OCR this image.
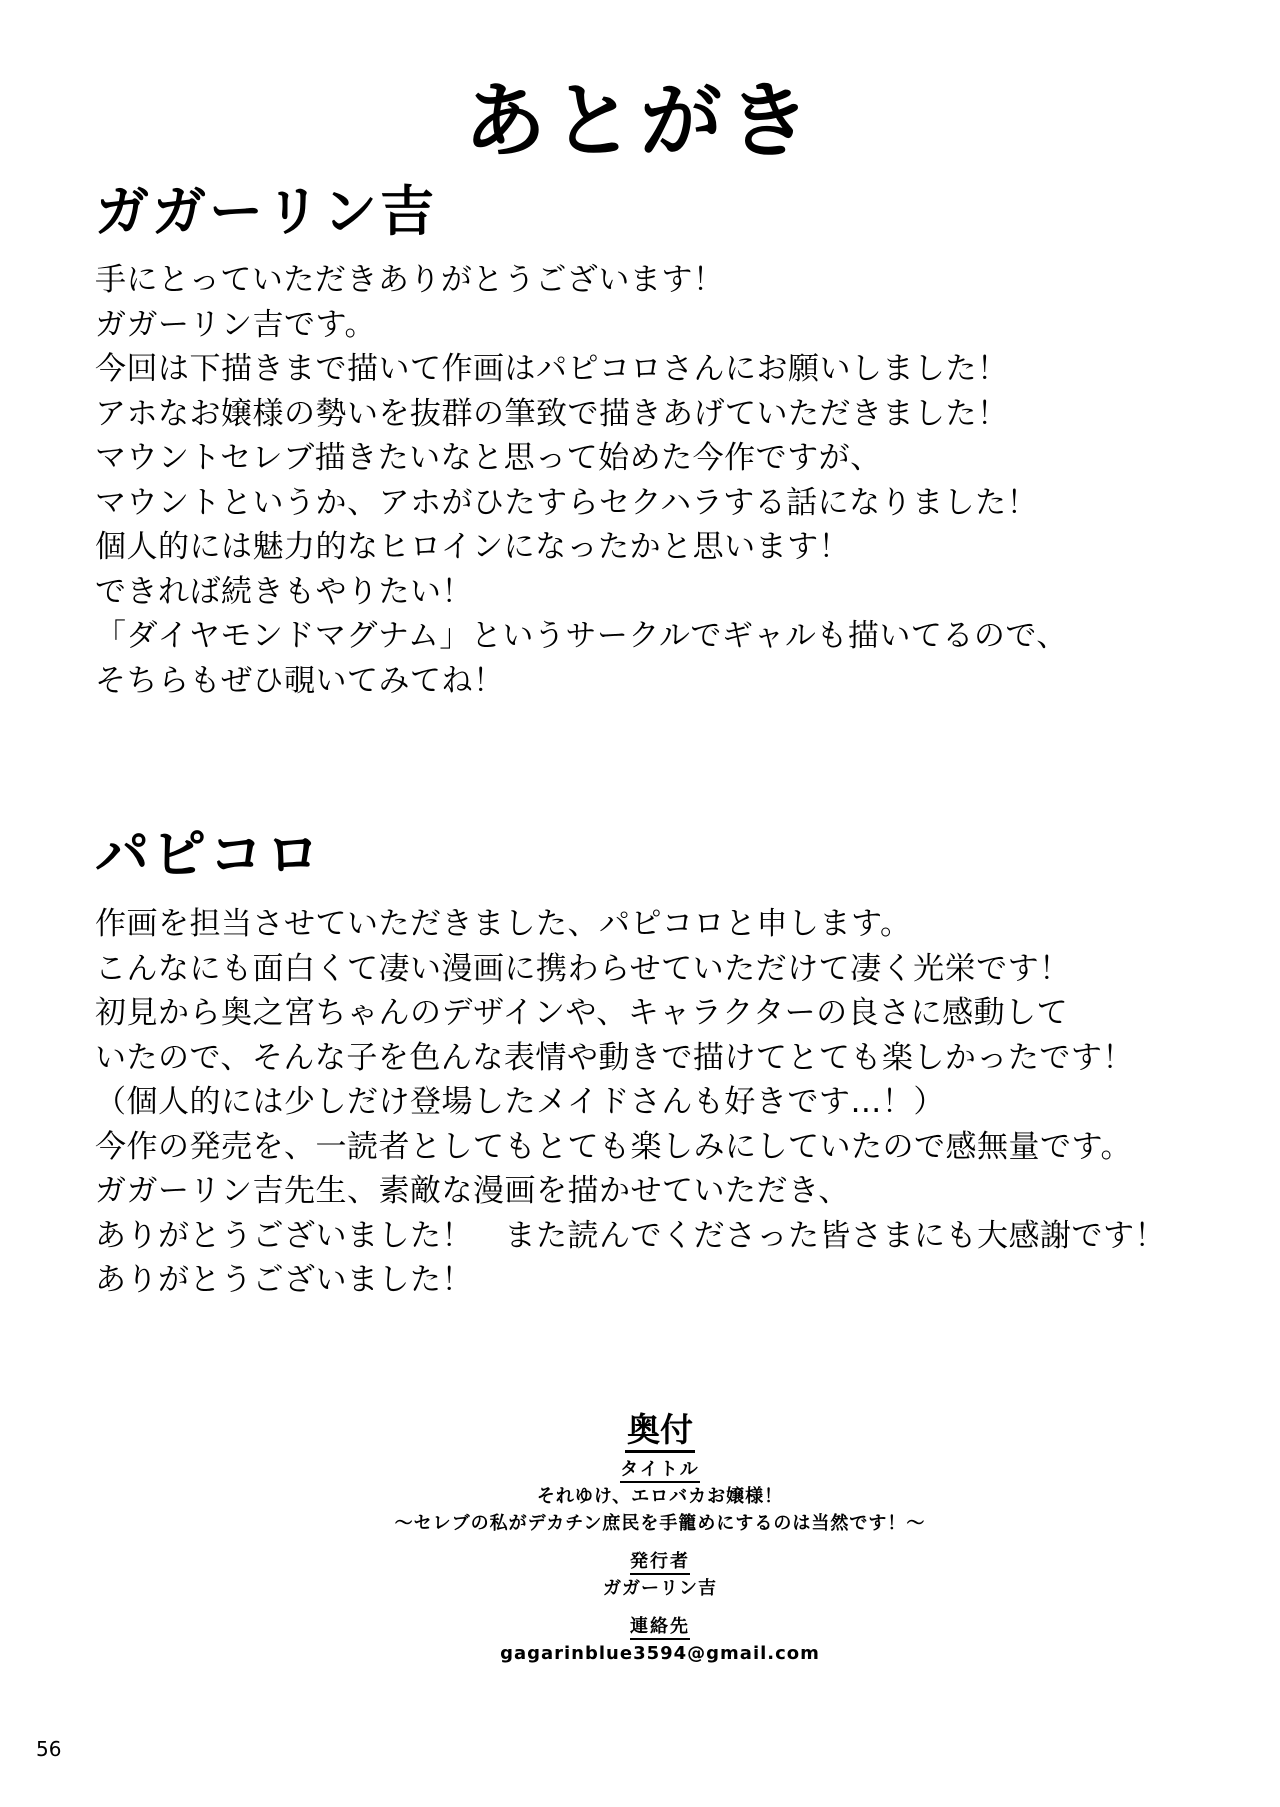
あとがき
ガガーリン吉
手にとっていただきありがとうございます！
ガガーリン吉です。
今回は下描きまで描いて作画はパピコロさんにお願いしました！
アホなお嬢様の勢いを抜群の筆致で描きあげていただきました！
マウントセレブ描きたいなと思って始めた今作ですが、
マウントというか、アホがひたすらセクハラする話になりました！
個人的には魅力的なヒロインになったかと思います！
できれば続きもやりたい！
「ダイヤモンドマグナム」というサークルでギャルも描いてるので、
そちらもぜひ覗いてみてね！
パピコロ
作画を担当させていただきました、パピコロと申します。
こんなにも面白くて凄い漫画に携わらせていただけて凄く光栄です！
初見から奥之宮ちゃんのデザインや、キャラクターの良さに感動して
いたので、そんな子を色んな表情や動きで描けてとても楽しかったです！
（個人的には少しだけ登場したメイドさんも好きです…！）
今作の発売を、一読者としてもとても楽しみにしていたので感無量です。
ガガーリン吉先生、素敵な漫画を描かせていただき、
ありがとうございました！　また読んでくださった皆さまにも大感謝です！
ありがとうございました！
奥付
タイトル
それゆけ、エロバカお嬢様！
～セレブの私がデカチン庶民を手籠めにするのは当然です！～
発行者
ガガーリン吉
連絡先
gagarinblue3594@gmail.com
56
